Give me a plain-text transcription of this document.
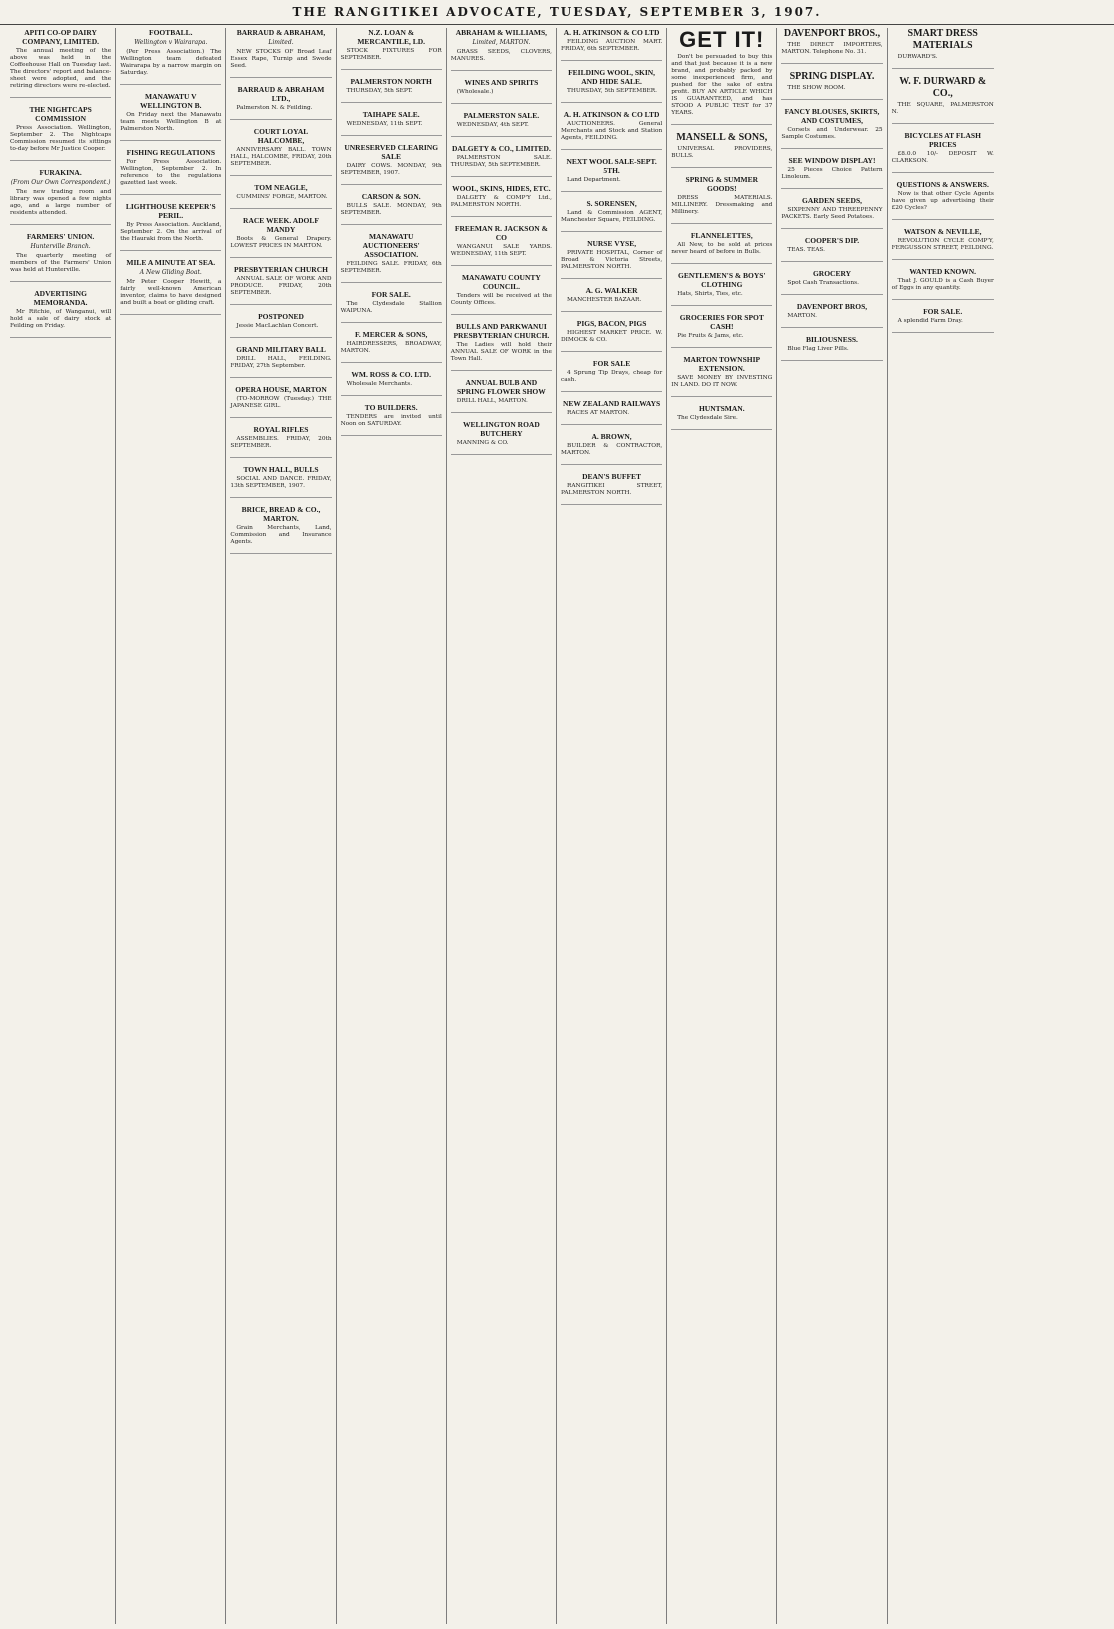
THE RANGITIKEI ADVOCATE, TUESDAY, SEPTEMBER 3, 1907.
APITI CO-OP DAIRY COMPANY, LIMITED.

The annual meeting of the above was held in the Coffeehouse Hall on Tuesday last. The directors' report and balance-sheet were adopted, and the retiring directors were re-elected.

THE NIGHTCAPS COMMISSION

Press Association. Wellington, September 2. The Nightcaps Commission resumed its sittings to-day before Mr Justice Cooper.

FURAKINA.
(From Our Own Correspondent.)

The new trading room and library was opened a few nights ago, and a large number of residents attended.

FARMERS' UNION.
Hunterville Branch.

The quarterly meeting of members of the Farmers' Union was held at Hunterville.

ADVERTISING MEMORANDA.

Mr Ritchie, of Wanganui, will hold a sale of dairy stock at Feilding on Friday.

FOOTBALL.
Wellington v Wairarapa.

(Per Press Association.) The Wellington team defeated Wairarapa by a narrow margin on Saturday.

MANAWATU V WELLINGTON B.

On Friday next the Manawatu team meets Wellington B at Palmerston North.

FISHING REGULATIONS

For Press Association. Wellington, September 2. In reference to the regulations gazetted last week.

LIGHTHOUSE KEEPER'S PERIL.

By Press Association. Auckland, September 2. On the arrival of the Hauraki from the North.

MILE A MINUTE AT SEA.
A New Gliding Boat.

Mr Peter Cooper Hewitt, a fairly well-known American inventor, claims to have designed and built a boat or gliding craft.

BARRAUD & ABRAHAM,
Limited.

NEW STOCKS OF Broad Leaf Essex Rape, Turnip and Swede Seed.

BARRAUD & ABRAHAM LTD.,

Palmerston N. & Feilding.

COURT LOYAL HALCOMBE,

ANNIVERSARY BALL. TOWN HALL, HALCOMBE, FRIDAY, 20th SEPTEMBER.

TOM NEAGLE,

CUMMINS' FORGE, MARTON.

RACE WEEK. ADOLF MANDY

Boots & General Drapery. LOWEST PRICES IN MARTON.

PRESBYTERIAN CHURCH

ANNUAL SALE OF WORK AND PRODUCE. FRIDAY, 20th SEPTEMBER.

POSTPONED

Jessie MacLachlan Concert.

GRAND MILITARY BALL

DRILL HALL, FEILDING. FRIDAY, 27th September.

OPERA HOUSE, MARTON

(TO-MORROW (Tuesday.) THE JAPANESE GIRL.

ROYAL RIFLES

ASSEMBLIES. FRIDAY, 20th SEPTEMBER.

TOWN HALL, BULLS

SOCIAL AND DANCE. FRIDAY, 13th SEPTEMBER, 1907.

BRICE, BREAD & CO., MARTON.

Grain Merchants, Land, Commission and Insurance Agents.

N.Z. LOAN & MERCANTILE, LD.

STOCK FIXTURES FOR SEPTEMBER.

PALMERSTON NORTH

THURSDAY, 5th SEPT.

TAIHAPE SALE.

WEDNESDAY, 11th SEPT.

UNRESERVED CLEARING SALE

DAIRY COWS. MONDAY, 9th SEPTEMBER, 1907.

CARSON & SON.

BULLS SALE. MONDAY, 9th SEPTEMBER.

MANAWATU AUCTIONEERS' ASSOCIATION.

FEILDING SALE. FRIDAY, 6th SEPTEMBER.

FOR SALE.

The Clydesdale Stallion WAIPUNA.

F. MERCER & SONS,

HAIRDRESSERS, BROADWAY, MARTON.

WM. ROSS & CO. LTD.

Wholesale Merchants.

TO BUILDERS.

TENDERS are invited until Noon on SATURDAY.

ABRAHAM & WILLIAMS,
Limited, MARTON.

GRASS SEEDS, CLOVERS, MANURES.

WINES AND SPIRITS

(Wholesale.)

PALMERSTON SALE.

WEDNESDAY, 4th SEPT.

DALGETY & CO., LIMITED.

PALMERSTON SALE. THURSDAY, 5th SEPTEMBER.

WOOL, SKINS, HIDES, ETC.

DALGETY & COMP'Y Ltd., PALMERSTON NORTH.

FREEMAN R. JACKSON & CO

WANGANUI SALE YARDS. WEDNESDAY, 11th SEPT.

MANAWATU COUNTY COUNCIL.

Tenders will be received at the County Offices.

BULLS AND PARKWANUI PRESBYTERIAN CHURCH.

The Ladies will hold their ANNUAL SALE OF WORK in the Town Hall.

ANNUAL BULB AND SPRING FLOWER SHOW

DRILL HALL, MARTON.

WELLINGTON ROAD BUTCHERY

MANNING & CO.

A. H. ATKINSON & CO LTD

FEILDING AUCTION MART. FRIDAY, 6th SEPTEMBER.

FEILDING WOOL, SKIN, AND HIDE SALE.

THURSDAY, 5th SEPTEMBER.

A. H. ATKINSON & CO LTD

AUCTIONEERS. General Merchants and Stock and Station Agents, FEILDING.

NEXT WOOL SALE-SEPT. 5TH.

Land Department.

S. SORENSEN,

Land & Commission AGENT, Manchester Square, FEILDING.

NURSE VYSE,

PRIVATE HOSPITAL, Corner of Broad & Victoria Streets, PALMERSTON NORTH.

A. G. WALKER

MANCHESTER BAZAAR.

PIGS, BACON, PIGS

HIGHEST MARKET PRICE. W. DIMOCK & CO.

FOR SALE

4 Sprung Tip Drays, cheap for cash.

NEW ZEALAND RAILWAYS

RACES AT MARTON.

A. BROWN,

BUILDER & CONTRACTOR, MARTON.

DEAN'S BUFFET

RANGITIKEI STREET, PALMERSTON NORTH.

GET IT!

Don't be persuaded to buy this and that just because it is a new brand, and probably packed by some inexperienced firm, and pushed for the sake of extra profit. BUY AN ARTICLE WHICH IS GUARANTEED, and has STOOD A PUBLIC TEST for 37 YEARS.

MANSELL & SONS,

UNIVERSAL PROVIDERS, BULLS.

SPRING & SUMMER GOODS!

DRESS MATERIALS. MILLINERY. Dressmaking and Millinery.

FLANNELETTES,

All New, to be sold at prices never heard of before in Bulls.

GENTLEMEN'S & BOYS' CLOTHING

Hats, Shirts, Ties, etc.

GROCERIES FOR SPOT CASH!

Pie Fruits & Jams, etc.

MARTON TOWNSHIP EXTENSION.

SAVE MONEY BY INVESTING IN LAND. DO IT NOW.

HUNTSMAN.

The Clydesdale Sire.

DAVENPORT BROS.,

THE DIRECT IMPORTERS, MARTON. Telephone No. 31.

SPRING DISPLAY.

THE SHOW ROOM.

FANCY BLOUSES, SKIRTS, AND COSTUMES,

Corsets and Underwear. 25 Sample Costumes.

SEE WINDOW DISPLAY!

25 Pieces Choice Pattern Linoleum.

GARDEN SEEDS,

SIXPENNY AND THREEPENNY PACKETS. Early Seed Potatoes.

COOPER'S DIP.

TEAS. TEAS.

GROCERY

Spot Cash Transactions.

DAVENPORT BROS,

MARTON.

BILIOUSNESS.

Blue Flag Liver Pills.

SMART DRESS MATERIALS

DURWARD'S.

W. F. DURWARD & CO.,

THE SQUARE, PALMERSTON N.

BICYCLES AT FLASH PRICES

£8.0.0 10/- DEPOSIT W. CLARKSON.

QUESTIONS & ANSWERS.

Now is that other Cycle Agents have given up advertising their £20 Cycles?

WATSON & NEVILLE,

REVOLUTION CYCLE COMP'Y, FERGUSSON STREET, FEILDING.

WANTED KNOWN.

That J. GOULD is a Cash Buyer of Eggs in any quantity.

FOR SALE.

A splendid Farm Dray.
